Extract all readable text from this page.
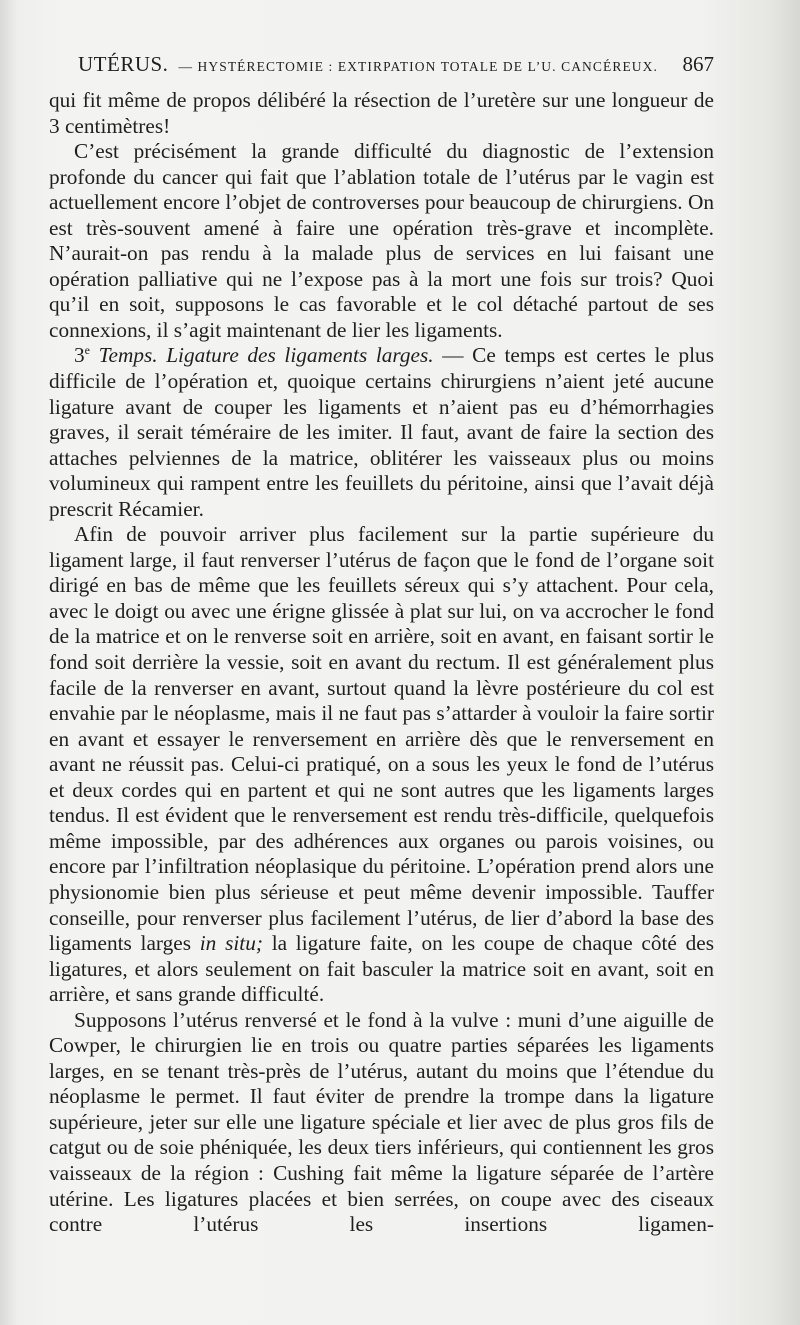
UTÉRUS. — HYSTÉRECTOMIE : EXTIRPATION TOTALE DE L’U. CANCÉREUX. 867

qui fit même de propos délibéré la résection de l’uretère sur une longueur de 3 centimètres!

C’est précisément la grande difficulté du diagnostic de l’extension profonde du cancer qui fait que l’ablation totale de l’utérus par le vagin est actuellement encore l’objet de controverses pour beaucoup de chirurgiens. On est très-souvent amené à faire une opération très-grave et incomplète. N’aurait-on pas rendu à la malade plus de services en lui faisant une opération palliative qui ne l’expose pas à la mort une fois sur trois? Quoi qu’il en soit, supposons le cas favorable et le col détaché partout de ses connexions, il s’agit maintenant de lier les ligaments.

3e Temps. Ligature des ligaments larges. — Ce temps est certes le plus difficile de l’opération et, quoique certains chirurgiens n’aient jeté aucune ligature avant de couper les ligaments et n’aient pas eu d’hémorrhagies graves, il serait téméraire de les imiter. Il faut, avant de faire la section des attaches pelviennes de la matrice, oblitérer les vaisseaux plus ou moins volumineux qui rampent entre les feuillets du péritoine, ainsi que l’avait déjà prescrit Récamier.

Afin de pouvoir arriver plus facilement sur la partie supérieure du ligament large, il faut renverser l’utérus de façon que le fond de l’organe soit dirigé en bas de même que les feuillets séreux qui s’y attachent. Pour cela, avec le doigt ou avec une érigne glissée à plat sur lui, on va accrocher le fond de la matrice et on le renverse soit en arrière, soit en avant, en faisant sortir le fond soit derrière la vessie, soit en avant du rectum. Il est généralement plus facile de la renverser en avant, surtout quand la lèvre postérieure du col est envahie par le néoplasme, mais il ne faut pas s’attarder à vouloir la faire sortir en avant et essayer le renversement en arrière dès que le renversement en avant ne réussit pas. Celui-ci pratiqué, on a sous les yeux le fond de l’utérus et deux cordes qui en partent et qui ne sont autres que les ligaments larges tendus. Il est évident que le renversement est rendu très-difficile, quelquefois même impossible, par des adhérences aux organes ou parois voisines, ou encore par l’infiltration néoplasique du péritoine. L’opération prend alors une physionomie bien plus sérieuse et peut même devenir impossible. Tauffer conseille, pour renverser plus facilement l’utérus, de lier d’abord la base des ligaments larges in situ; la ligature faite, on les coupe de chaque côté des ligatures, et alors seulement on fait basculer la matrice soit en avant, soit en arrière, et sans grande difficulté.

Supposons l’utérus renversé et le fond à la vulve : muni d’une aiguille de Cowper, le chirurgien lie en trois ou quatre parties séparées les ligaments larges, en se tenant très-près de l’utérus, autant du moins que l’étendue du néoplasme le permet. Il faut éviter de prendre la trompe dans la ligature supérieure, jeter sur elle une ligature spéciale et lier avec de plus gros fils de catgut ou de soie phéniquée, les deux tiers inférieurs, qui contiennent les gros vaisseaux de la région : Cushing fait même la ligature séparée de l’artère utérine. Les ligatures placées et bien serrées, on coupe avec des ciseaux contre l’utérus les insertions ligamen-
